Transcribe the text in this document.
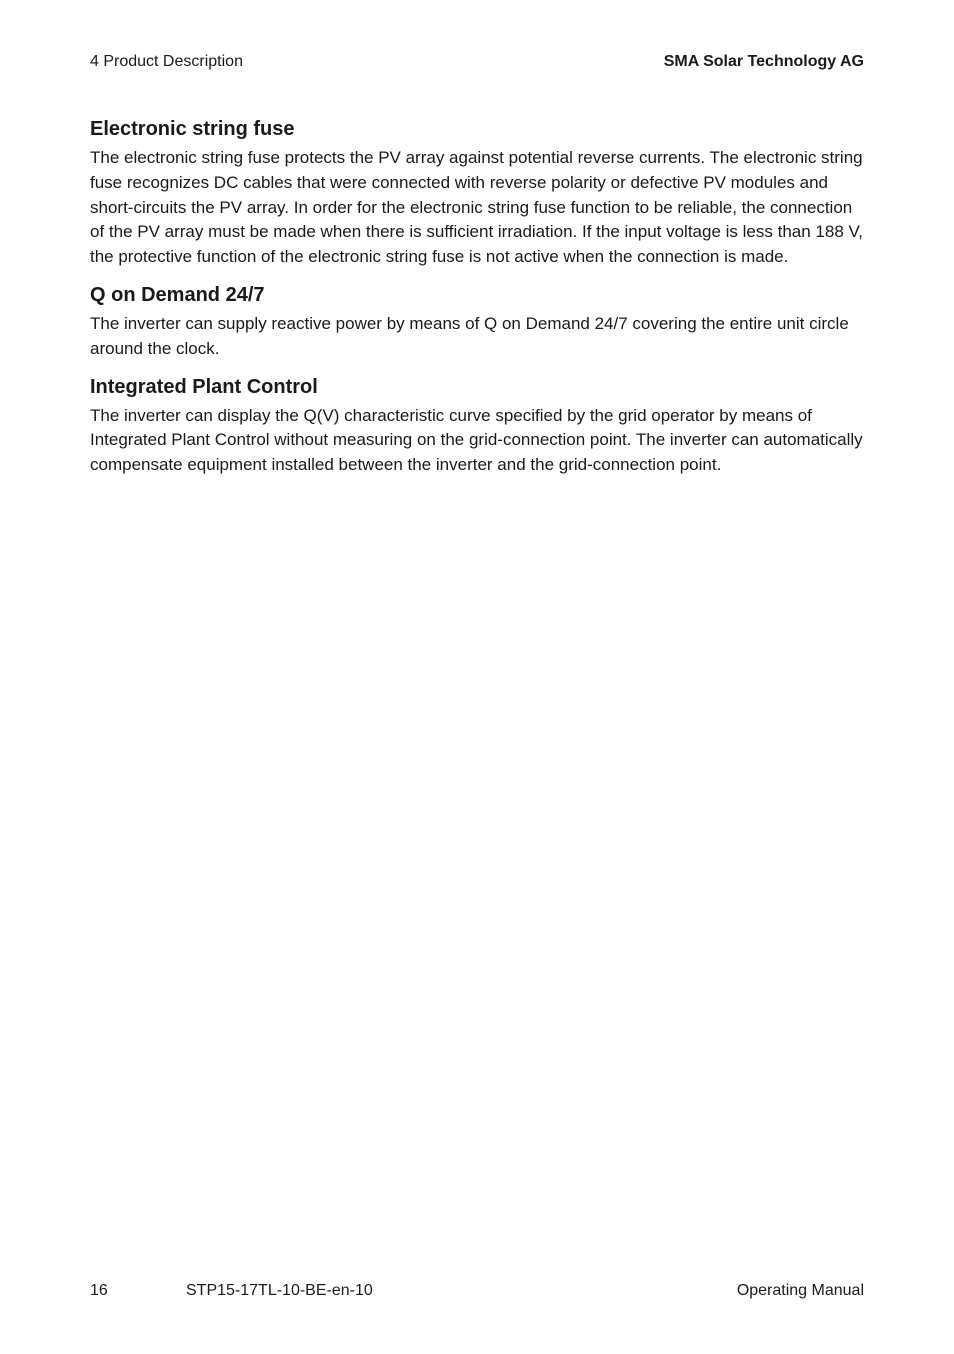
4 Product Description	SMA Solar Technology AG
Electronic string fuse

The electronic string fuse protects the PV array against potential reverse currents. The electronic string fuse recognizes DC cables that were connected with reverse polarity or defective PV modules and short-circuits the PV array. In order for the electronic string fuse function to be reliable, the connection of the PV array must be made when there is sufficient irradiation. If the input voltage is less than 188 V, the protective function of the electronic string fuse is not active when the connection is made.

Q on Demand 24/7

The inverter can supply reactive power by means of Q on Demand 24/7 covering the entire unit circle around the clock.

Integrated Plant Control

The inverter can display the Q(V) characteristic curve specified by the grid operator by means of Integrated Plant Control without measuring on the grid-connection point. The inverter can automatically compensate equipment installed between the inverter and the grid-connection point.

16	STP15-17TL-10-BE-en-10	Operating Manual
